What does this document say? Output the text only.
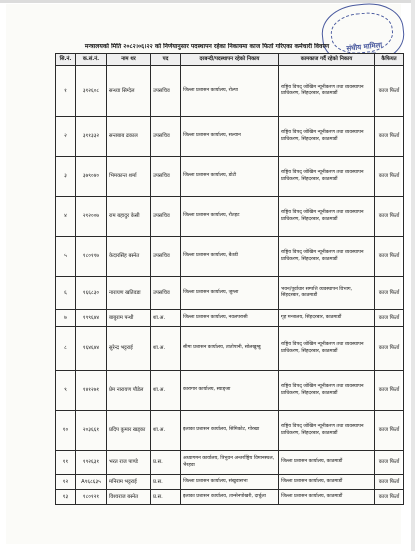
संघीय मामिला
मन्त्रालयको मिति २०८२।०६।२२ को निर्णयानुसार पदस्थापन रहेका निकायमा काज फिर्ता गरिएका कर्मचारी विवरण
सि.नं.	क.सं.नं.	नाम थर	पद	दरबन्दी/पदस्थापन रहेको निकाय	कामकाज गर्दै रहेको निकाय	कैफियत
१	३१२६०८	सन्ध्या सिग्देल	उपसचिव	जिल्ला प्रशासन कार्यालय, रोल्पा	राष्ट्रिय विपद् जोखिम न्यूनीकरण तथा व्यवस्थापन प्राधिकरण, सिंहदरबार, काठमाडौं	काज फिर्ता
२	३११३३२	सन्तबाब ढकाल	उपसचिव	जिल्ला प्रशासन कार्यालय, सल्यान	राष्ट्रिय विपद् जोखिम न्यूनीकरण तथा व्यवस्थापन प्राधिकरण, सिंहदरबार, काठमाडौं	काज फिर्ता
३	३७९०४०	भिमकान्त शर्मा	उपसचिव	जिल्ला प्रशासन कार्यालय, डोटी	राष्ट्रिय विपद् जोखिम न्यूनीकरण तथा व्यवस्थापन प्राधिकरण, सिंहदरबार, काठमाडौं	काज फिर्ता
४	२१२००७	राम बहादुर केसी	उपसचिव	जिल्ला प्रशासन कार्यालय, रौतहट	राष्ट्रिय विपद् जोखिम न्यूनीकरण तथा व्यवस्थापन प्राधिकरण, सिंहदरबार, काठमाडौं	काज फिर्ता
५	१८०११७	केदारसिंह बस्नेत	उपसचिव	जिल्ला प्रशासन कार्यालय, बैतडी	राष्ट्रिय विपद् जोखिम न्यूनीकरण तथा व्यवस्थापन प्राधिकरण, सिंहदरबार, काठमाडौं	काज फिर्ता
६	१६६८३०	नारायण खतिवडा	उपसचिव	जिल्ला प्रशासन कार्यालय, जुम्ला	भवन/पूर्वाधार सम्पत्ति व्यवस्थापन विभाग, सिंहदरबार, काठमाडौं	काज फिर्ता
७	१९९६४४	बाबुराम पन्थी	शा.अ.	जिल्ला प्रशासन कार्यालय, नवलपरासी	गृह मन्त्रालय, सिंहदरबार, काठमाडौं	काज फिर्ता
८	१६४६४४	सुरेन्द्र भट्टराई	शा.अ.	सीमा प्रशासन कार्यालय, तातोपानी, सोलखुम्बु	राष्ट्रिय विपद् जोखिम न्यूनीकरण तथा व्यवस्थापन प्राधिकरण, सिंहदरबार, काठमाडौं	काज फिर्ता
९	१४१२७१	प्रेम नारायण पौडेल	शा.अ.	कारागार कार्यालय, स्याङ्जा	राष्ट्रिय विपद् जोखिम न्यूनीकरण तथा व्यवस्थापन प्राधिकरण, सिंहदरबार, काठमाडौं	काज फिर्ता
१०	२०३६६१	प्रदिप कुमार खड्का	शा.अ.	इलाका प्रशासन कार्यालय, सिमिकोट, गोरखा	राष्ट्रिय विपद् जोखिम न्यूनीकरण तथा व्यवस्थापन प्राधिकरण, सिंहदरबार, काठमाडौं	काज फिर्ता
११	१९२६३१	भरत राज पाण्डे	प्र.स.	अध्यागमन कार्यालय, त्रिभुवन अन्तर्राष्ट्रिय विमानस्थल, भैरहवा	जिल्ला प्रशासन कार्यालय, काठमाडौं	काज फिर्ता
१२	A९६८६३५	मनिराम भट्टराई	प्र.स.	जिल्ला प्रशासन कार्यालय, संखुवासभा	जिल्ला प्रशासन कार्यालय, काठमाडौं	काज फिर्ता
१३	१८०१२१	विश्वराज बस्नेत	प्र.स.	इलाका प्रशासन कार्यालय, तान्सेनपोखरी, दार्चुला	जिल्ला प्रशासन कार्यालय, काठमाडौं	काज फिर्ता
